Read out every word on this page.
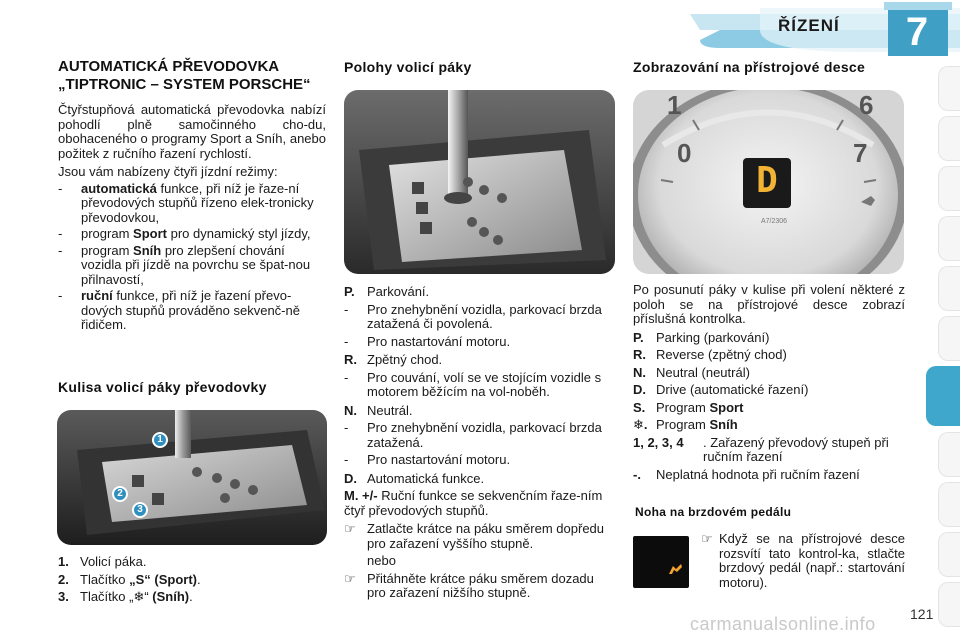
ŘÍZENÍ 7
AUTOMATICKÁ PŘEVODOVKA „TIPTRONIC – SYSTEM PORSCHE“

Čtyřstupňová automatická převodovka nabízí pohodlí plně samočinného cho-du, obohaceného o programy Sport a Sníh, anebo požitek z ručního řazení rychlostí.

Jsou vám nabízeny čtyři jízdní režimy:

- automatická funkce, při níž je řaze-ní převodových stupňů řízeno elek-tronicky převodovkou,
- program Sport pro dynamický styl jízdy,
- program Sníh pro zlepšení chování vozidla při jízdě na povrchu se špat-nou přilnavostí,
- ruční funkce, při níž je řazení převo-dových stupňů prováděno sekvenč-ně řidičem.
Kulisa volicí páky převodovky
1
2
3
1. Volicí páka.
2. Tlačítko „S“ (Sport).
3. Tlačítko „❄“ (Sníh).
Polohy volicí páky
P. Parkování.
- Pro znehybnění vozidla, parkovací brzda zatažená či povolená.
- Pro nastartování motoru.
R. Zpětný chod.
- Pro couvání, volí se ve stojícím vozidle s motorem běžícím na vol-noběh.
N. Neutrál.
- Pro znehybnění vozidla, parkovací brzda zatažená.
- Pro nastartování motoru.
D. Automatická funkce.
M. +/- Ruční funkce se sekvenčním řaze-ním čtyř převodových stupňů.
☞ Zatlačte krátce na páku směrem dopředu pro zařazení vyššího stupně.
nebo
☞ Přitáhněte krátce páku směrem dozadu pro zařazení nižšího stupně.
Zobrazování na přístrojové desce
1	6
0	7
D
A7/2306

Po posunutí páky v kulise při volení některé z poloh se na přístrojové desce zobrazí příslušná kontrolka.

P. Parking (parkování)
R. Reverse (zpětný chod)
N. Neutral (neutrál)
D. Drive (automatické řazení)
S. Program Sport
❄. Program Sníh
1, 2, 3, 4 . Zařazený převodový stupeň při ručním řazení
-. Neplatná hodnota při ručním řazení
Noha na brzdovém pedálu
☞ Když se na přístrojové desce rozsvítí tato kontrol-ka, stlačte brzdový pedál (např.: startování motoru).
carmanualsonline.info 121
